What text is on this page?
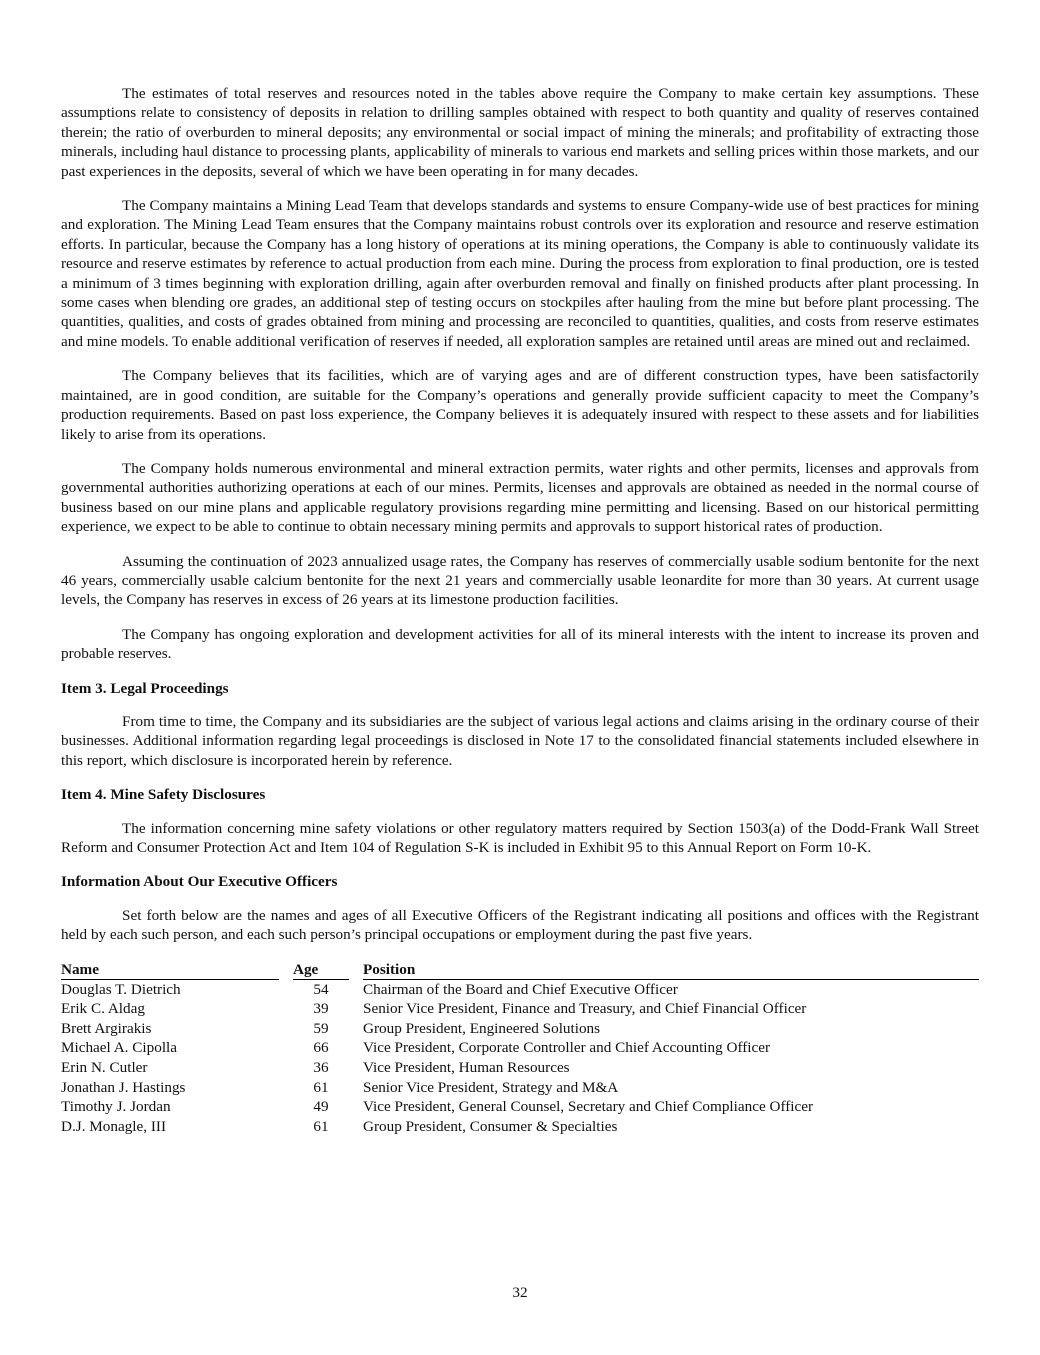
The estimates of total reserves and resources noted in the tables above require the Company to make certain key assumptions. These assumptions relate to consistency of deposits in relation to drilling samples obtained with respect to both quantity and quality of reserves contained therein; the ratio of overburden to mineral deposits; any environmental or social impact of mining the minerals; and profitability of extracting those minerals, including haul distance to processing plants, applicability of minerals to various end markets and selling prices within those markets, and our past experiences in the deposits, several of which we have been operating in for many decades.

The Company maintains a Mining Lead Team that develops standards and systems to ensure Company-wide use of best practices for mining and exploration. The Mining Lead Team ensures that the Company maintains robust controls over its exploration and resource and reserve estimation efforts. In particular, because the Company has a long history of operations at its mining operations, the Company is able to continuously validate its resource and reserve estimates by reference to actual production from each mine. During the process from exploration to final production, ore is tested a minimum of 3 times beginning with exploration drilling, again after overburden removal and finally on finished products after plant processing. In some cases when blending ore grades, an additional step of testing occurs on stockpiles after hauling from the mine but before plant processing. The quantities, qualities, and costs of grades obtained from mining and processing are reconciled to quantities, qualities, and costs from reserve estimates and mine models. To enable additional verification of reserves if needed, all exploration samples are retained until areas are mined out and reclaimed.

The Company believes that its facilities, which are of varying ages and are of different construction types, have been satisfactorily maintained, are in good condition, are suitable for the Company’s operations and generally provide sufficient capacity to meet the Company’s production requirements. Based on past loss experience, the Company believes it is adequately insured with respect to these assets and for liabilities likely to arise from its operations.

The Company holds numerous environmental and mineral extraction permits, water rights and other permits, licenses and approvals from governmental authorities authorizing operations at each of our mines. Permits, licenses and approvals are obtained as needed in the normal course of business based on our mine plans and applicable regulatory provisions regarding mine permitting and licensing. Based on our historical permitting experience, we expect to be able to continue to obtain necessary mining permits and approvals to support historical rates of production.

Assuming the continuation of 2023 annualized usage rates, the Company has reserves of commercially usable sodium bentonite for the next 46 years, commercially usable calcium bentonite for the next 21 years and commercially usable leonardite for more than 30 years. At current usage levels, the Company has reserves in excess of 26 years at its limestone production facilities.

The Company has ongoing exploration and development activities for all of its mineral interests with the intent to increase its proven and probable reserves.

Item 3. Legal Proceedings

From time to time, the Company and its subsidiaries are the subject of various legal actions and claims arising in the ordinary course of their businesses. Additional information regarding legal proceedings is disclosed in Note 17 to the consolidated financial statements included elsewhere in this report, which disclosure is incorporated herein by reference.

Item 4. Mine Safety Disclosures

The information concerning mine safety violations or other regulatory matters required by Section 1503(a) of the Dodd-Frank Wall Street Reform and Consumer Protection Act and Item 104 of Regulation S-K is included in Exhibit 95 to this Annual Report on Form 10-K.

Information About Our Executive Officers

Set forth below are the names and ages of all Executive Officers of the Registrant indicating all positions and offices with the Registrant held by each such person, and each such person’s principal occupations or employment during the past five years.

Name		Age		Position
Douglas T. Dietrich		54		Chairman of the Board and Chief Executive Officer
Erik C. Aldag		39		Senior Vice President, Finance and Treasury, and Chief Financial Officer
Brett Argirakis		59		Group President, Engineered Solutions
Michael A. Cipolla		66		Vice President, Corporate Controller and Chief Accounting Officer
Erin N. Cutler		36		Vice President, Human Resources
Jonathan J. Hastings		61		Senior Vice President, Strategy and M&A
Timothy J. Jordan		49		Vice President, General Counsel, Secretary and Chief Compliance Officer
D.J. Monagle, III		61		Group President, Consumer & Specialties
32
